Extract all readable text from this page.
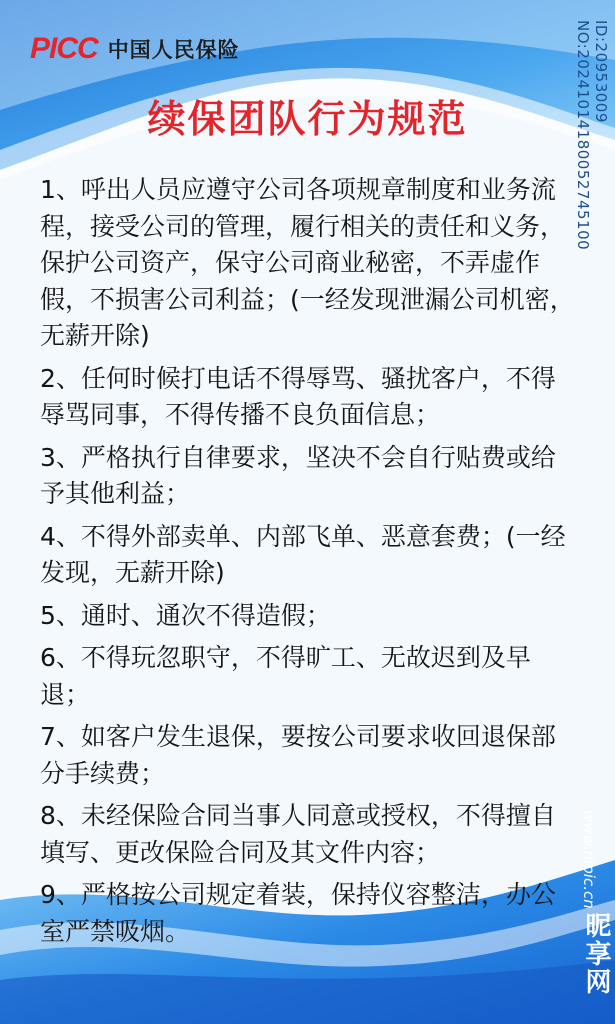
PICC 中国人民保险
续保团队行为规范

1、呼出人员应遵守公司各项规章制度和业务流程，接受公司的管理，履行相关的责任和义务，保护公司资产，保守公司商业秘密，不弄虚作假，不损害公司利益；(一经发现泄漏公司机密，无薪开除)

2、任何时候打电话不得辱骂、骚扰客户，不得辱骂同事，不得传播不良负面信息；

3、严格执行自律要求，坚决不会自行贴费或给予其他利益；

4、不得外部卖单、内部飞单、恶意套费；(一经发现，无薪开除)

5、通时、通次不得造假；

6、不得玩忽职守，不得旷工、无故迟到及早退；

7、如客户发生退保，要按公司要求收回退保部分手续费；

8、未经保险合同当事人同意或授权，不得擅自填写、更改保险合同及其文件内容；

9、严格按公司规定着装，保持仪容整洁，办公室严禁吸烟。

ID:20953009 NO:20241014180052745100
www.nipic.cn
昵享网
